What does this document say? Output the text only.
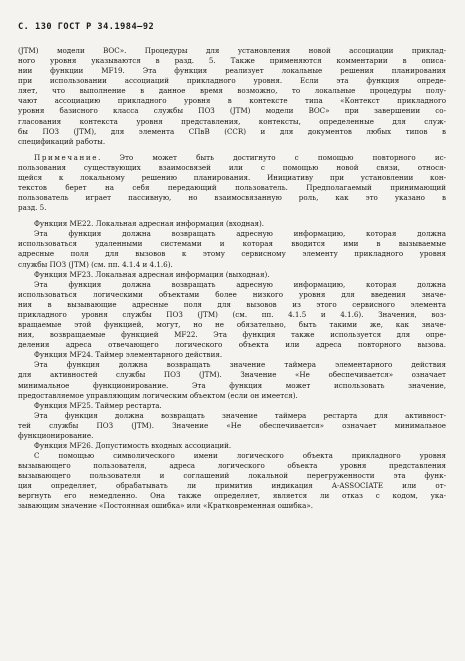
С. 130 ГОСТ Р 34.1984—92
(JTM) модели ВОС». Процедуры для установления новой ассоциации приклад-
ного уровня указываются в разд. 5. Также применяются комментарии в описа-
нии функции MF19. Эта функция реализует локальные решения планирования
при использовании ассоциаций прикладного уровня. Если эта функция опреде-
ляет, что выполнение в данное время возможно, то локальные процедуры полу-
чают ассоциацию прикладного уровня в контексте типа «Контекст прикладного
уровня базисного класса службы ПОЗ (JTM) модели ВОС» при завершении со-
гласования контекста уровня представления, контексты, определенные для служ-
бы ПОЗ (JTM), для элемента СПвВ (CCR) и для документов любых типов в
спецификаций работы.
Примечание. Это может быть достигнуто с помощью повторного ис-
пользования существующих взаимосвязей или с помощью новой связи, относя-
щейся к локальному решению планирования. Инициативу при установлении кон-
текстов берет на себя передающий пользователь. Предполагаемый принимающий
пользователь играет пассивную, но взаимосвязанную роль, как это указано в
разд. 5.
Функция МЕ22. Локальная адресная информация (входная).
Эта функция должна возвращать адресную информацию, которая должна
использоваться удаленными системами и которая вводится ими в вызываемые
адресные поля для вызовов к этому сервисному элементу прикладного уровня
службы ПОЗ (JTM) (см. пп. 4.1.4 и 4.1.6).
Функция MF23. Локальная адресная информация (выходная).
Эта функция должна возвращать адресную информацию, которая должна
использоваться логическими объектами более низкого уровня для введения значе-
ния в вызывающие адресные поля для вызовов из этого сервисного элемента
прикладного уровня службы ПОЗ (JTM) (см. пп. 4.1.5 и 4.1.6). Значения, воз-
вращаемые этой функцией, могут, но не обязательно, быть такими же, как значе-
ния, возвращаемые функцией MF22. Эта функция также используется для опре-
деления адреса отвечающего логического объекта или адреса повторного вызова.
Функция MF24. Таймер элементарного действия.
Эта функция должна возвращать значение таймера элементарного действия
для активностей службы ПОЗ (JTM). Значение «Не обеспечивается» означает
минимальное функционирование. Эта функция может использовать значение,
предоставляемое управляющим логическим объектом (если он имеется).
Функция MF25. Таймер рестарта.
Эта функция должна возвращать значение таймера рестарта для активност-
тей службы ПОЗ (JTM). Значение «Не обеспечивается» означает минимальное
функционирование.
Функция MF26. Допустимость входных ассоциаций.
С помощью символического имени логического объекта прикладного уровня
вызывающего пользователя, адреса логического объекта уровня представления
вызывающего пользователя и соглашений локальной перегруженности эта функ-
ция определяет, обрабатывать ли примитив индикация A-ASSOCIATE или от-
вергнуть его немедленно. Она также определяет, является ли отказ с кодом, ука-
зывающим значение «Постоянная ошибка» или «Кратковременная ошибка».
